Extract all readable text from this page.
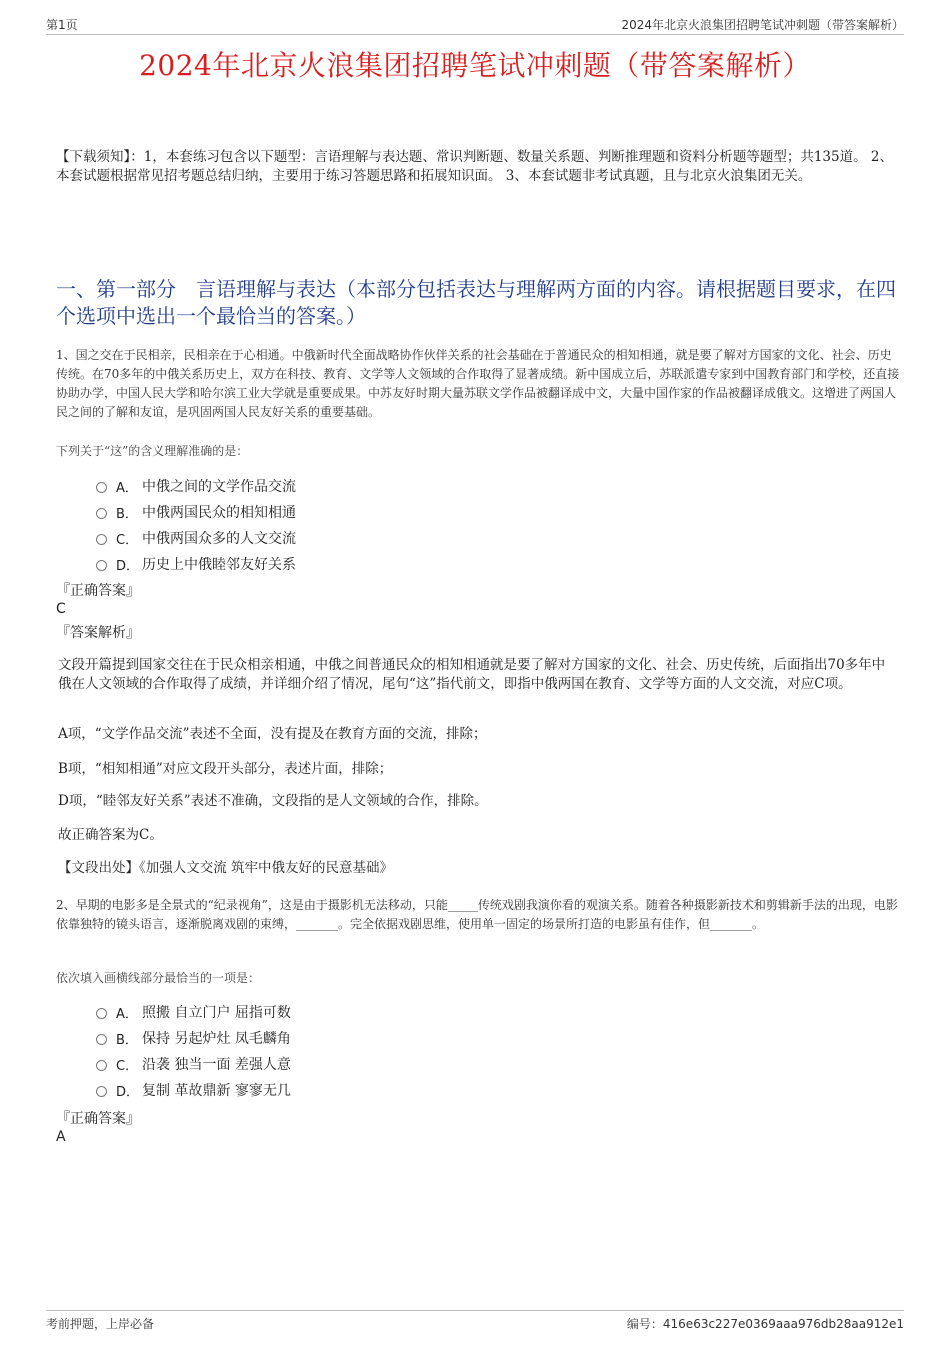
第1页	2024年北京火浪集团招聘笔试冲刺题（带答案解析）
2024年北京火浪集团招聘笔试冲刺题（带答案解析）
【下载须知】：1，本套练习包含以下题型：言语理解与表达题、常识判断题、数量关系题、判断推理题和资料分析题等题型；共135道。 2、本套试题根据常见招考题总结归纳，主要用于练习答题思路和拓展知识面。 3、本套试题非考试真题，且与北京火浪集团无关。
一、第一部分　言语理解与表达（本部分包括表达与理解两方面的内容。请根据题目要求，在四个选项中选出一个最恰当的答案。）

1、国之交在于民相亲，民相亲在于心相通。中俄新时代全面战略协作伙伴关系的社会基础在于普通民众的相知相通，就是要了解对方国家的文化、社会、历史传统。在70多年的中俄关系历史上，双方在科技、教育、文学等人文领域的合作取得了显著成绩。新中国成立后，苏联派遣专家到中国教育部门和学校，还直接协助办学，中国人民大学和哈尔滨工业大学就是重要成果。中苏友好时期大量苏联文学作品被翻译成中文，大量中国作家的作品被翻译成俄文。这增进了两国人民之间的了解和友谊，是巩固两国人民友好关系的重要基础。

下列关于“这”的含义理解准确的是：

A． 中俄之间的文学作品交流
B． 中俄两国民众的相知相通
C． 中俄两国众多的人文交流
D． 历史上中俄睦邻友好关系

『正确答案』

C

『答案解析』

文段开篇提到国家交往在于民众相亲相通，中俄之间普通民众的相知相通就是要了解对方国家的文化、社会、历史传统，后面指出70多年中俄在人文领域的合作取得了成绩，并详细介绍了情况，尾句“这”指代前文，即指中俄两国在教育、文学等方面的人文交流，对应C项。

A项，“文学作品交流”表述不全面，没有提及在教育方面的交流，排除；

B项，“相知相通”对应文段开头部分，表述片面，排除；

D项，“睦邻友好关系”表述不准确，文段指的是人文领域的合作，排除。

故正确答案为C。

【文段出处】《加强人文交流 筑牢中俄友好的民意基础》

2、早期的电影多是全景式的“纪录视角”，这是由于摄影机无法移动，只能_____传统戏剧我演你看的观演关系。随着各种摄影新技术和剪辑新手法的出现，电影依靠独特的镜头语言，逐渐脱离戏剧的束缚，_______。完全依据戏剧思维，使用单一固定的场景所打造的电影虽有佳作，但_______。

依次填入画横线部分最恰当的一项是：

A． 照搬 自立门户 屈指可数
B． 保持 另起炉灶 凤毛麟角
C． 沿袭 独当一面 差强人意
D． 复制 革故鼎新 寥寥无几

『正确答案』

A

考前押题，上岸必备	编号：416e63c227e0369aaa976db28aa912e1
